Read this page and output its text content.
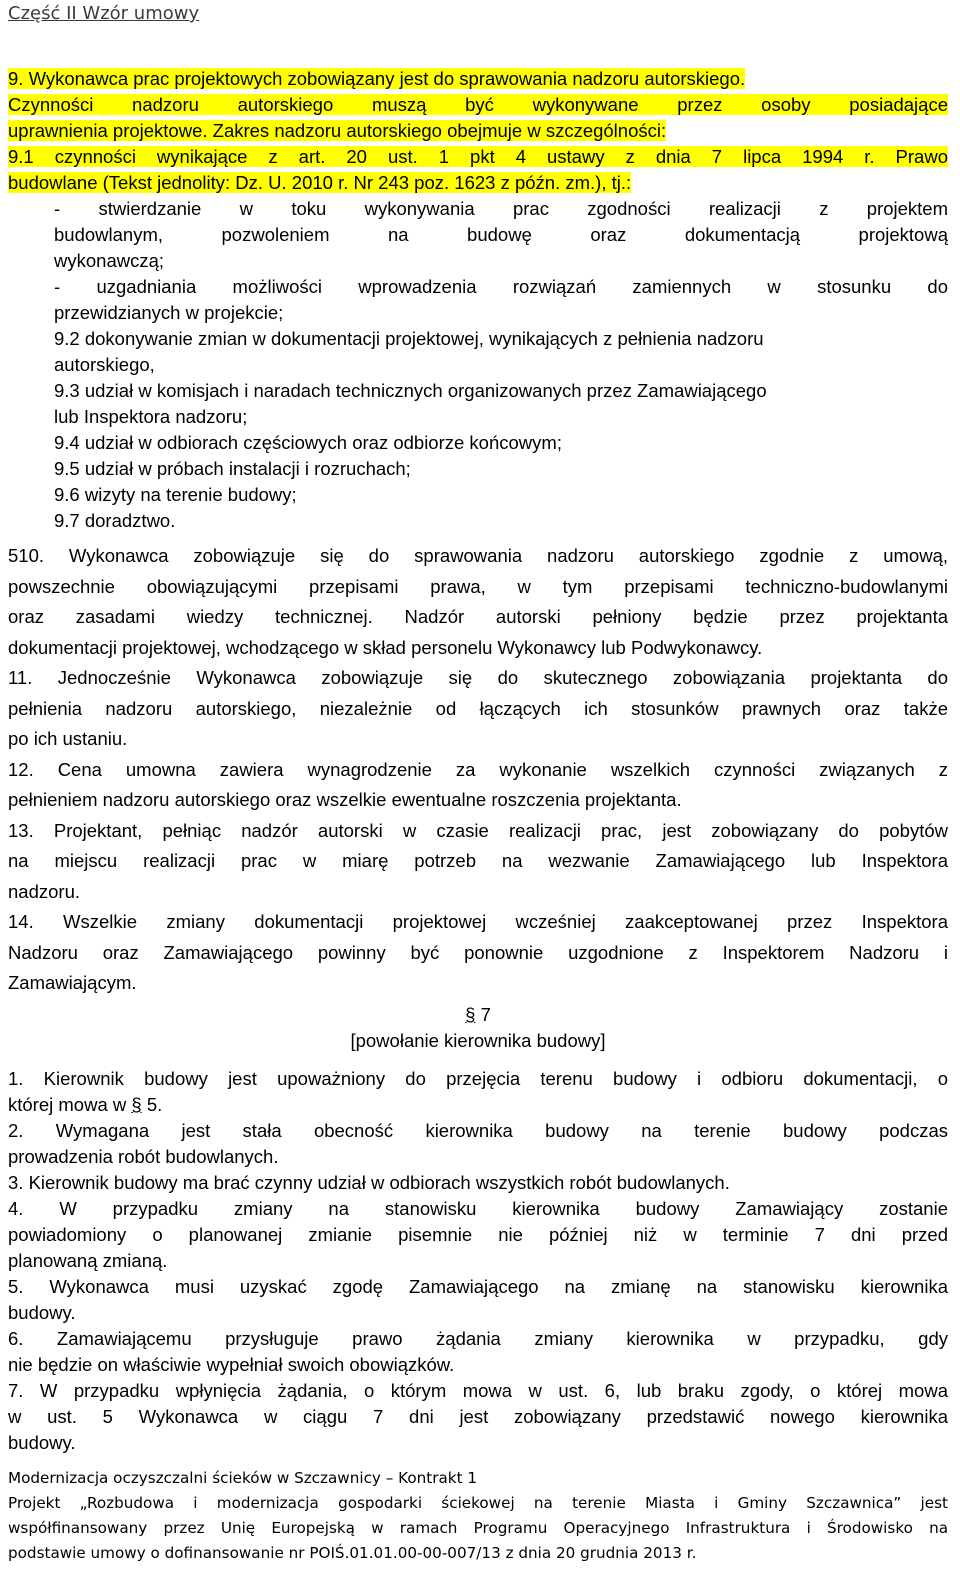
Część II Wzór umowy
9. Wykonawca prac projektowych zobowiązany jest do sprawowania nadzoru autorskiego.
Czynności nadzoru autorskiego muszą być wykonywane przez osoby posiadające
uprawnienia projektowe. Zakres nadzoru autorskiego obejmuje w szczególności:
9.1 czynności wynikające z art. 20 ust. 1 pkt 4 ustawy z dnia 7 lipca 1994 r. Prawo
budowlane (Tekst jednolity: Dz. U. 2010 r. Nr 243 poz. 1623 z późn. zm.), tj.:
- stwierdzanie w toku wykonywania prac zgodności realizacji z projektem
budowlanym, pozwoleniem na budowę oraz dokumentacją projektową
wykonawczą;
- uzgadniania możliwości wprowadzenia rozwiązań zamiennych w stosunku do
przewidzianych w projekcie;
9.2 dokonywanie zmian w dokumentacji projektowej, wynikających z pełnienia nadzoru
autorskiego,
9.3 udział w komisjach i naradach technicznych organizowanych przez Zamawiającego
lub Inspektora nadzoru;
9.4 udział w odbiorach częściowych oraz odbiorze końcowym;
9.5 udział w próbach instalacji i rozruchach;
9.6 wizyty na terenie budowy;
9.7 doradztwo.
510. Wykonawca zobowiązuje się do sprawowania nadzoru autorskiego zgodnie z umową,
powszechnie obowiązującymi przepisami prawa, w tym przepisami techniczno-budowlanymi
oraz zasadami wiedzy technicznej. Nadzór autorski pełniony będzie przez projektanta
dokumentacji projektowej, wchodzącego w skład personelu Wykonawcy lub Podwykonawcy.
11. Jednocześnie Wykonawca zobowiązuje się do skutecznego zobowiązania projektanta do
pełnienia nadzoru autorskiego, niezależnie od łączących ich stosunków prawnych oraz także
po ich ustaniu.
12. Cena umowna zawiera wynagrodzenie za wykonanie wszelkich czynności związanych z
pełnieniem nadzoru autorskiego oraz wszelkie ewentualne roszczenia projektanta.
13. Projektant, pełniąc nadzór autorski w czasie realizacji prac, jest zobowiązany do pobytów
na miejscu realizacji prac w miarę potrzeb na wezwanie Zamawiającego lub Inspektora
nadzoru.
14. Wszelkie zmiany dokumentacji projektowej wcześniej zaakceptowanej przez Inspektora
Nadzoru oraz Zamawiającego powinny być ponownie uzgodnione z Inspektorem Nadzoru i
Zamawiającym.
§ 7
[powołanie kierownika budowy]
1. Kierownik budowy jest upoważniony do przejęcia terenu budowy i odbioru dokumentacji, o
której mowa w § 5.
2. Wymagana jest stała obecność kierownika budowy na terenie budowy podczas
prowadzenia robót budowlanych.
3. Kierownik budowy ma brać czynny udział w odbiorach wszystkich robót budowlanych.
4. W przypadku zmiany na stanowisku kierownika budowy Zamawiający zostanie
powiadomiony o planowanej zmianie pisemnie nie później niż w terminie 7 dni przed
planowaną zmianą.
5. Wykonawca musi uzyskać zgodę Zamawiającego na zmianę na stanowisku kierownika
budowy.
6. Zamawiającemu przysługuje prawo żądania zmiany kierownika w przypadku, gdy
nie będzie on właściwie wypełniał swoich obowiązków.
7. W przypadku wpłynięcia żądania, o którym mowa w ust. 6, lub braku zgody, o której mowa
w ust. 5 Wykonawca w ciągu 7 dni jest zobowiązany przedstawić nowego kierownika
budowy.
Modernizacja oczyszczalni ścieków w Szczawnicy – Kontrakt 1
Projekt „Rozbudowa i modernizacja gospodarki ściekowej na terenie Miasta i Gminy Szczawnica” jest
współfinansowany przez Unię Europejską w ramach Programu Operacyjnego Infrastruktura i Środowisko na
podstawie umowy o dofinansowanie nr POIŚ.01.01.00-00-007/13 z dnia 20 grudnia 2013 r.
